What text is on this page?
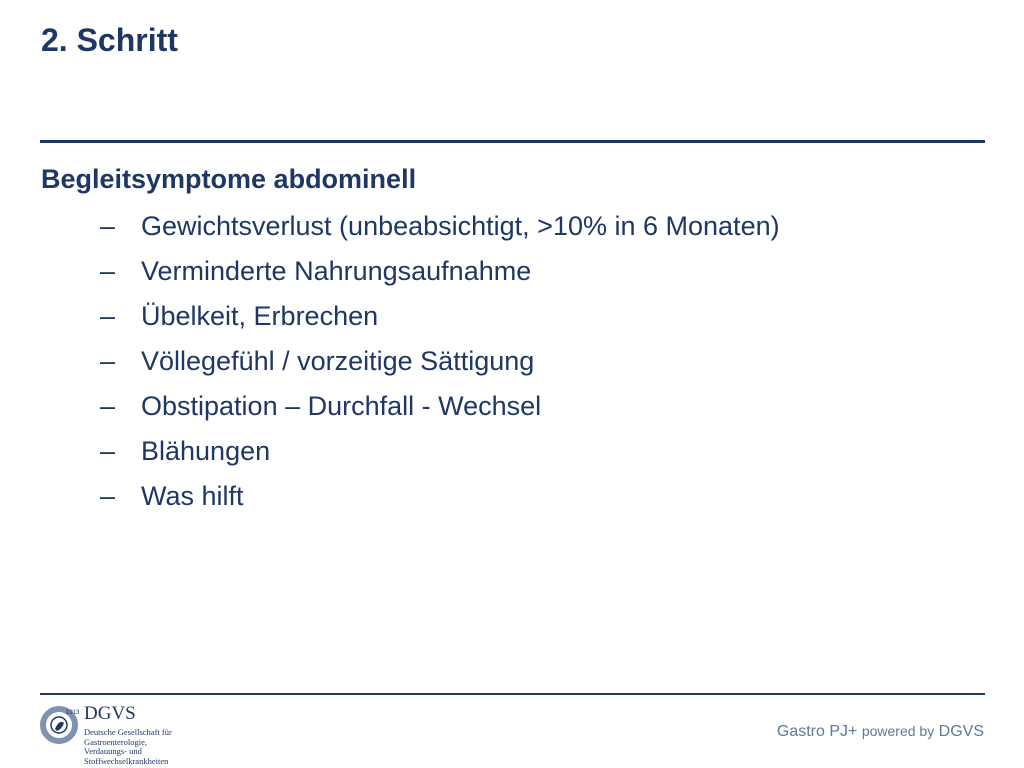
2. Schritt
Begleitsymptome abdominell
– Gewichtsverlust (unbeabsichtigt, >10% in 6 Monaten)
– Verminderte Nahrungsaufnahme
– Übelkeit, Erbrechen
– Völlegefühl / vorzeitige Sättigung
– Obstipation – Durchfall - Wechsel
– Blähungen
– Was hilft
1913 DGVS
Deutsche Gesellschaft für
Gastroenterologie,
Verdauungs- und
Stoffwechselkrankheiten
Gastro PJ+ powered by DGVS
